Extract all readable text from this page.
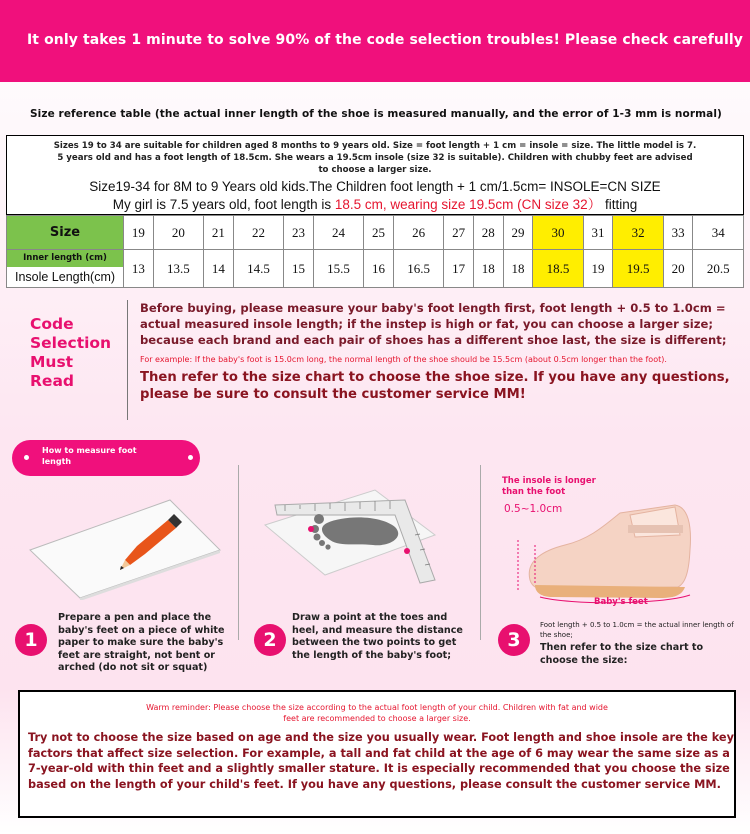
It only takes 1 minute to solve 90% of the code selection troubles! Please check carefully
Size reference table (the actual inner length of the shoe is measured manually, and the error of 1-3 mm is normal)
Sizes 19 to 34 are suitable for children aged 8 months to 9 years old. Size = foot length + 1 cm = insole = size. The little model is 7.
5 years old and has a foot length of 18.5cm. She wears a 19.5cm insole (size 32 is suitable). Children with chubby feet are advised
to choose a larger size.
Size19-34 for 8M to 9 Years old kids.The Children foot length + 1 cm/1.5cm= INSOLE=CN SIZE
My girl is 7.5 years old, foot length is 18.5 cm, wearing size 19.5cm (CN size 32） fitting
Size	19	20	21	22	23	24	25	26	27	28	29	30	31	32	33	34

Inner length (cm)
Insole Length(cm)	13	13.5	14	14.5	15	15.5	16	16.5	17	18	18	18.5	19	19.5	20	20.5
Code
Selection
Must
Read
Before buying, please measure your baby's foot length first, foot length + 0.5 to 1.0cm = actual measured insole length; if the instep is high or fat, you can choose a larger size; because each brand and each pair of shoes has a different shoe last, the size is different;
For example: If the baby's foot is 15.0cm long, the normal length of the shoe should be 15.5cm (about 0.5cm longer than the foot).
Then refer to the size chart to choose the shoe size. If you have any questions, please be sure to consult the customer service MM!
How to measure foot length
The insole is longer than the foot
0.5~1.0cm
Baby's feet
1
Prepare a pen and place the baby's feet on a piece of white paper to make sure the baby's feet are straight, not bent or arched (do not sit or squat)
2
Draw a point at the toes and heel, and measure the distance between the two points to get the length of the baby's foot;
3
Foot length + 0.5 to 1.0cm = the actual inner length of the shoe;
Then refer to the size chart to choose the size:
Warm reminder: Please choose the size according to the actual foot length of your child. Children with fat and wide feet are recommended to choose a larger size.
Try not to choose the size based on age and the size you usually wear. Foot length and shoe insole are the key factors that affect size selection. For example, a tall and fat child at the age of 6 may wear the same size as a 7-year-old with thin feet and a slightly smaller stature. It is especially recommended that you choose the size based on the length of your child's feet. If you have any questions, please consult the customer service MM.
